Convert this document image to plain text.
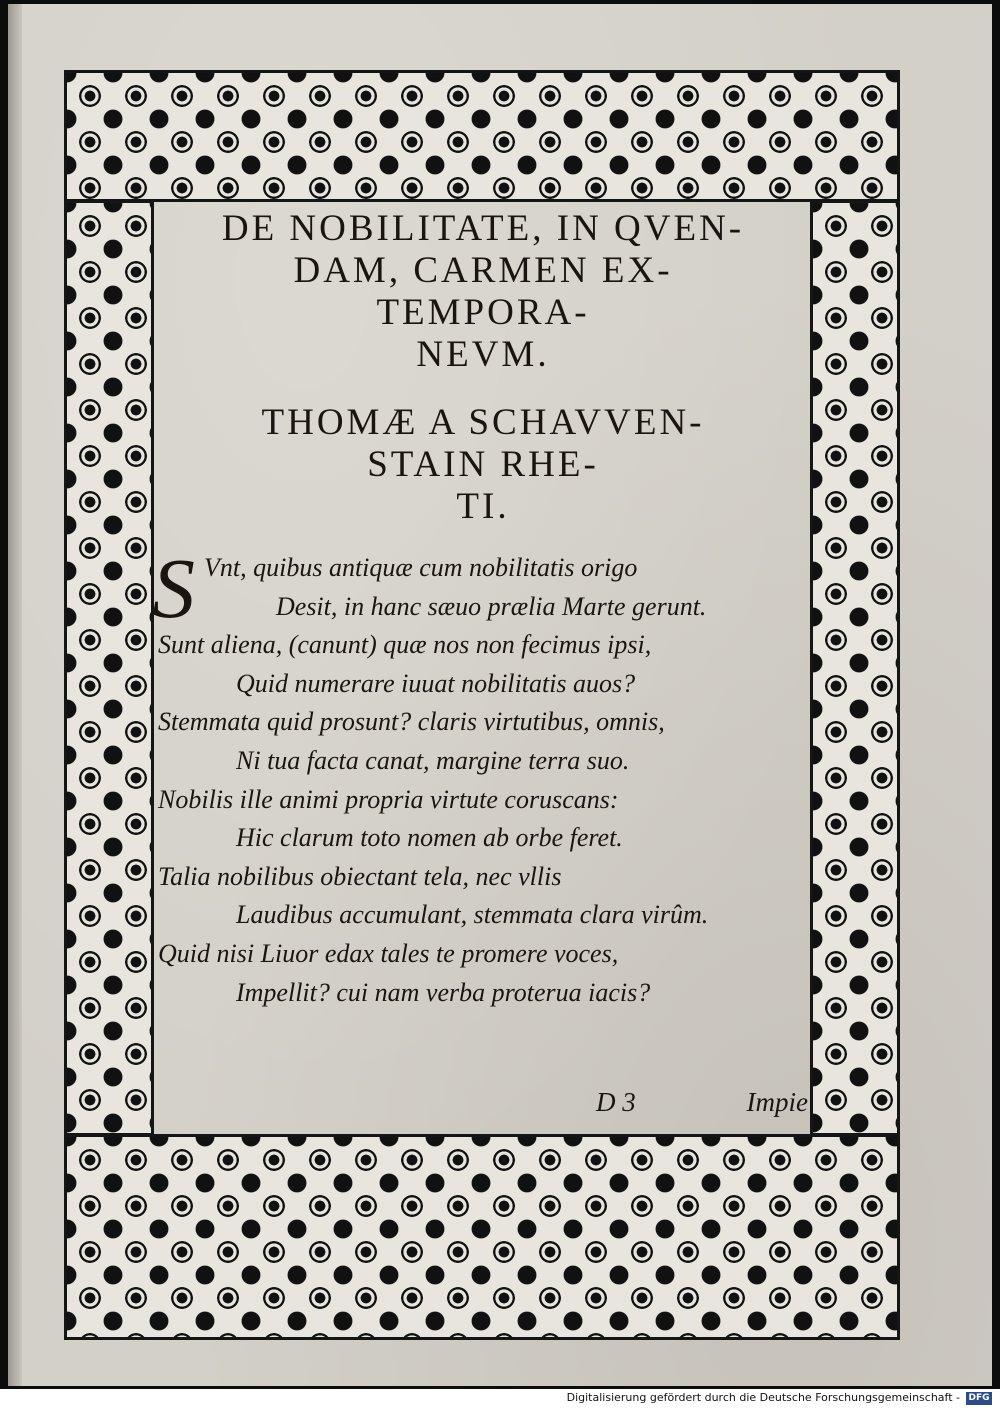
DE NOBILITATE, IN QVEN-
DAM, CARMEN EX-
TEMPORA-
NEVM.
THOMÆ A SCHAVVEN-
STAIN RHE-
TI.
S Vnt, quibus antiquæ cum nobilitatis origo
Desit, in hanc sæuo prælia Marte gerunt.
Sunt aliena, (canunt) quæ nos non fecimus ipsi,
Quid numerare iuuat nobilitatis auos?
Stemmata quid prosunt? claris virtutibus, omnis,
Ni tua facta canat, margine terra suo.
Nobilis ille animi propria virtute coruscans:
Hic clarum toto nomen ab orbe feret.
Talia nobilibus obiectant tela, nec vllis
Laudibus accumulant, stemmata clara virûm.
Quid nisi Liuor edax tales te promere voces,
Impellit? cui nam verba proterua iacis?
D 3	Impie
Digitalisierung gefördert durch die Deutsche Forschungsgemeinschaft - DFG
